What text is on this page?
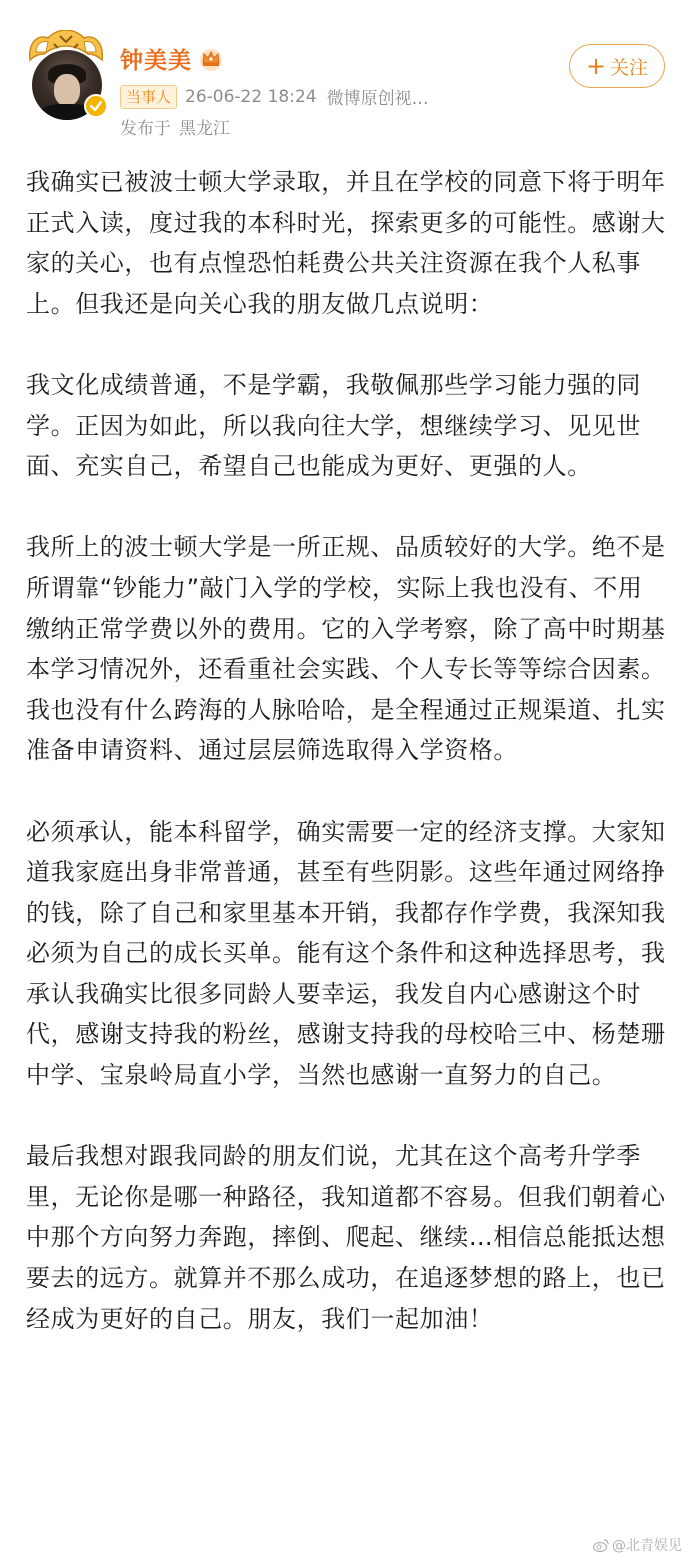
钟美美
当事人 26-06-22 18:24 微博原创视…
发布于 黑龙江
+ 关注

我确实已被波士顿大学录取，并且在学校的同意下将于明年正式入读，度过我的本科时光，探索更多的可能性。感谢大家的关心，也有点惶恐怕耗费公共关注资源在我个人私事上。但我还是向关心我的朋友做几点说明：

我文化成绩普通，不是学霸，我敬佩那些学习能力强的同学。正因为如此，所以我向往大学，想继续学习、见见世面、充实自己，希望自己也能成为更好、更强的人。

我所上的波士顿大学是一所正规、品质较好的大学。绝不是所谓靠“钞能力”敲门入学的学校，实际上我也没有、不用缴纳正常学费以外的费用。它的入学考察，除了高中时期基本学习情况外，还看重社会实践、个人专长等等综合因素。我也没有什么跨海的人脉哈哈，是全程通过正规渠道、扎实准备申请资料、通过层层筛选取得入学资格。

必须承认，能本科留学，确实需要一定的经济支撑。大家知道我家庭出身非常普通，甚至有些阴影。这些年通过网络挣的钱，除了自己和家里基本开销，我都存作学费，我深知我必须为自己的成长买单。能有这个条件和这种选择思考，我承认我确实比很多同龄人要幸运，我发自内心感谢这个时代，感谢支持我的粉丝，感谢支持我的母校哈三中、杨楚珊中学、宝泉岭局直小学，当然也感谢一直努力的自己。

最后我想对跟我同龄的朋友们说，尤其在这个高考升学季里，无论你是哪一种路径，我知道都不容易。但我们朝着心中那个方向努力奔跑，摔倒、爬起、继续…相信总能抵达想要去的远方。就算并不那么成功，在追逐梦想的路上，也已经成为更好的自己。朋友，我们一起加油！

@北青娱见
